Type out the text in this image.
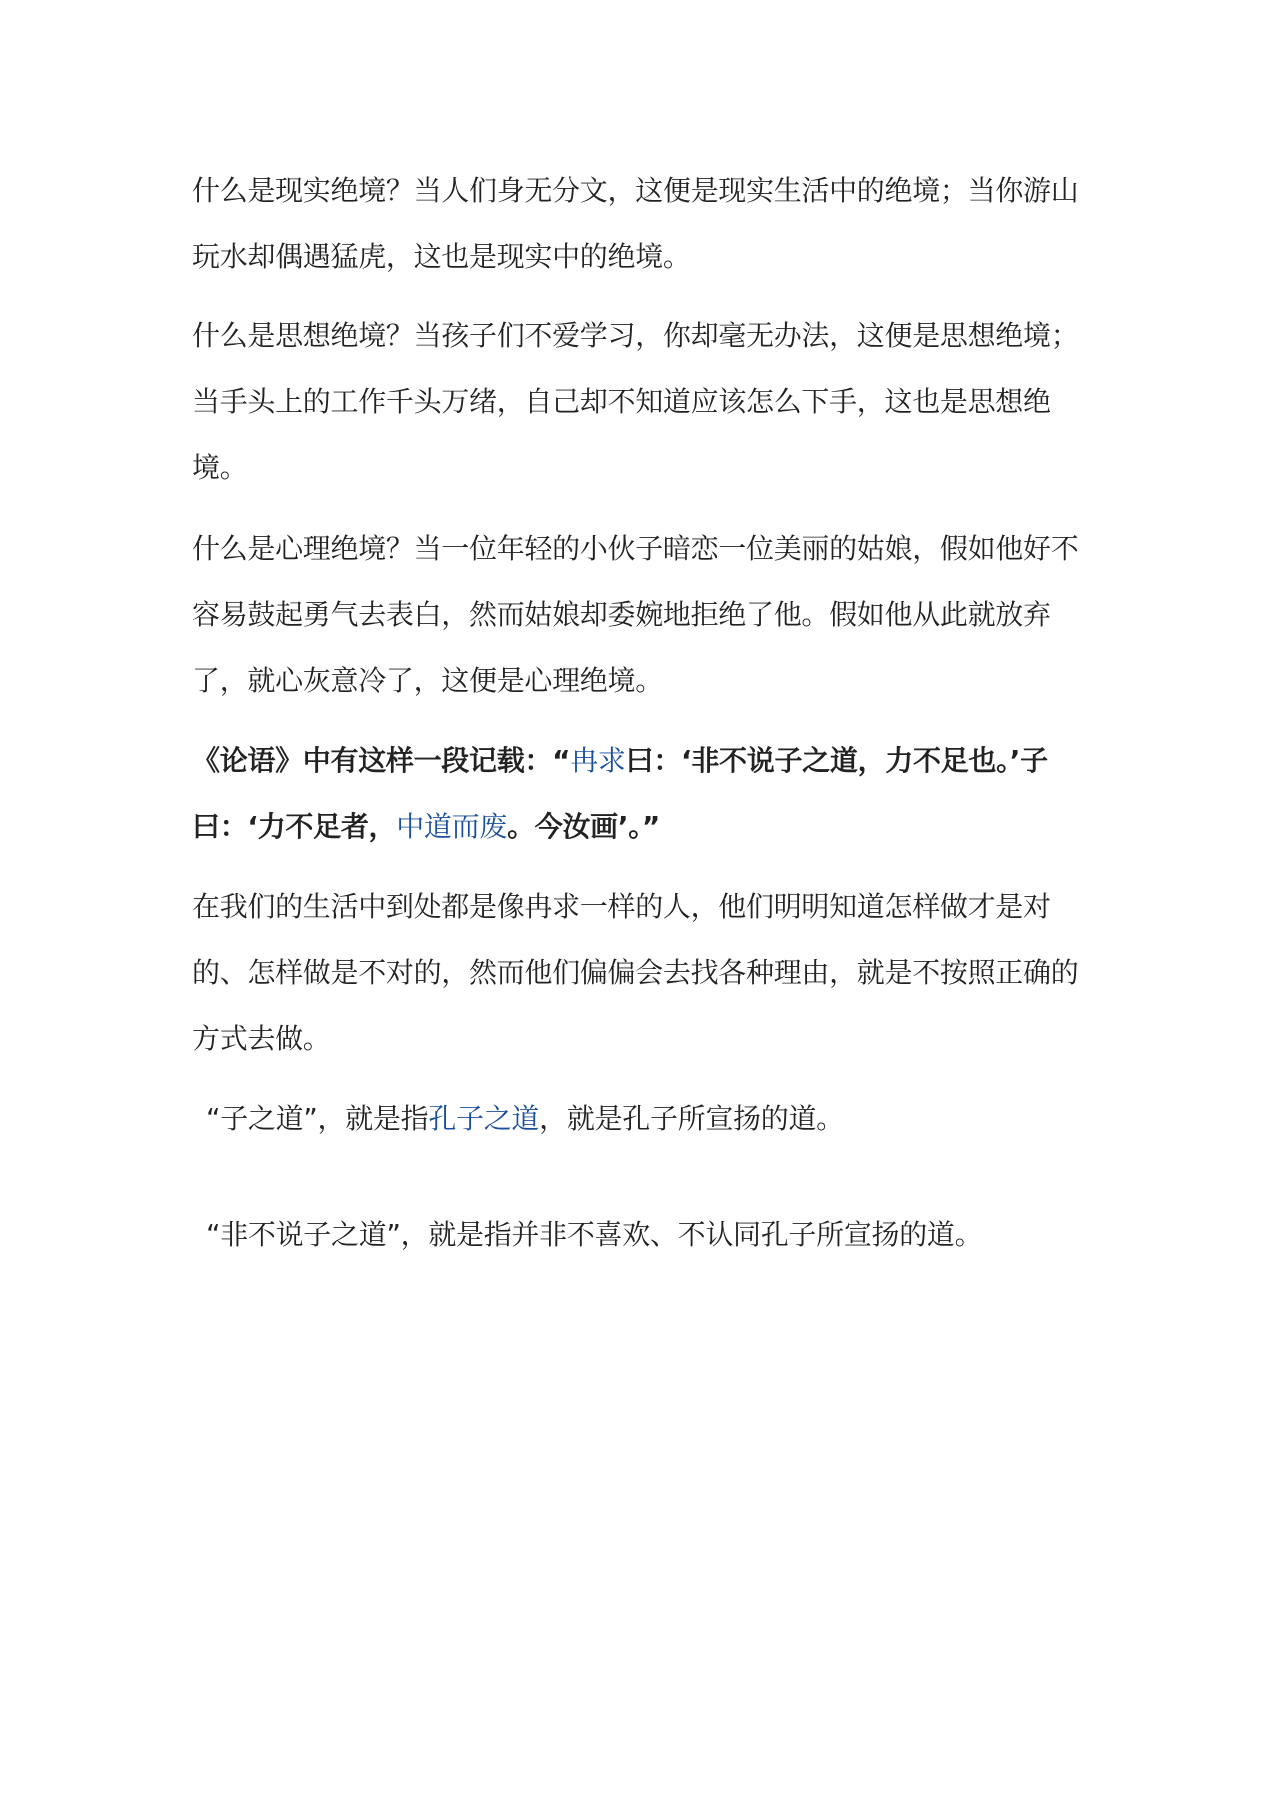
什么是现实绝境？当人们身无分文，这便是现实生活中的绝境；当你游山玩水却偶遇猛虎，这也是现实中的绝境。

什么是思想绝境？当孩子们不爱学习，你却毫无办法，这便是思想绝境；当手头上的工作千头万绪，自己却不知道应该怎么下手，这也是思想绝境。

什么是心理绝境？当一位年轻的小伙子暗恋一位美丽的姑娘，假如他好不容易鼓起勇气去表白，然而姑娘却委婉地拒绝了他。假如他从此就放弃了，就心灰意冷了，这便是心理绝境。

《论语》中有这样一段记载：“冉求曰：‘非不说子之道，力不足也。’子曰：‘力不足者，中道而废。今汝画’。”

在我们的生活中到处都是像冉求一样的人，他们明明知道怎样做才是对的、怎样做是不对的，然而他们偏偏会去找各种理由，就是不按照正确的方式去做。

“子之道”，就是指孔子之道，就是孔子所宣扬的道。

“非不说子之道”，就是指并非不喜欢、不认同孔子所宣扬的道。
